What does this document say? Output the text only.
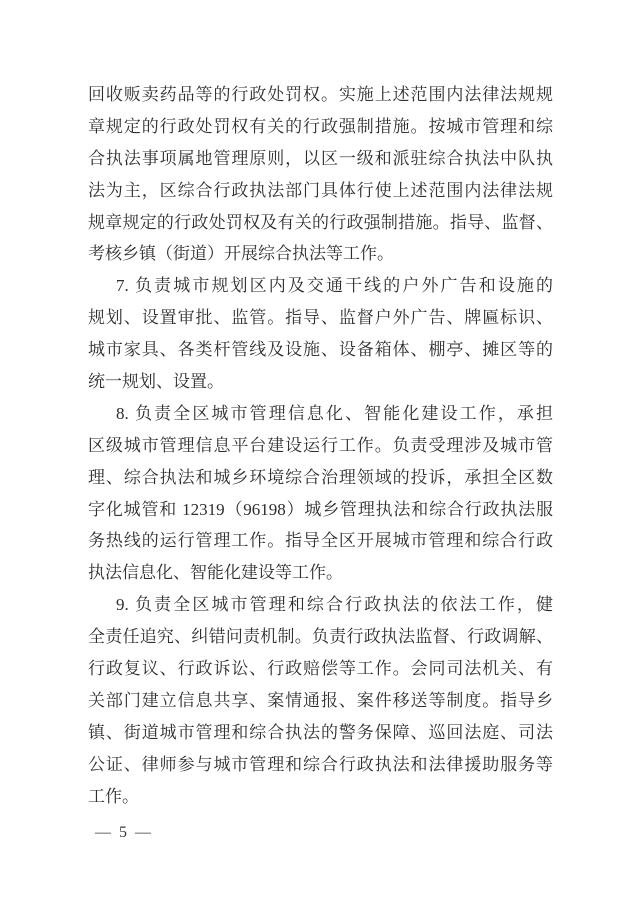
回收贩卖药品等的行政处罚权。实施上述范围内法律法规规
章规定的行政处罚权有关的行政强制措施。按城市管理和综
合执法事项属地管理原则，以区一级和派驻综合执法中队执
法为主，区综合行政执法部门具体行使上述范围内法律法规
规章规定的行政处罚权及有关的行政强制措施。指导、监督、
考核乡镇（街道）开展综合执法等工作。
7. 负责城市规划区内及交通干线的户外广告和设施的
规划、设置审批、监管。指导、监督户外广告、牌匾标识、
城市家具、各类杆管线及设施、设备箱体、棚亭、摊区等的
统一规划、设置。
8. 负责全区城市管理信息化、智能化建设工作，承担
区级城市管理信息平台建设运行工作。负责受理涉及城市管
理、综合执法和城乡环境综合治理领域的投诉，承担全区数
字化城管和 12319（96198）城乡管理执法和综合行政执法服
务热线的运行管理工作。指导全区开展城市管理和综合行政
执法信息化、智能化建设等工作。
9. 负责全区城市管理和综合行政执法的依法工作，健
全责任追究、纠错问责机制。负责行政执法监督、行政调解、
行政复议、行政诉讼、行政赔偿等工作。会同司法机关、有
关部门建立信息共享、案情通报、案件移送等制度。指导乡
镇、街道城市管理和综合执法的警务保障、巡回法庭、司法
公证、律师参与城市管理和综合行政执法和法律援助服务等
工作。
— 5 —
